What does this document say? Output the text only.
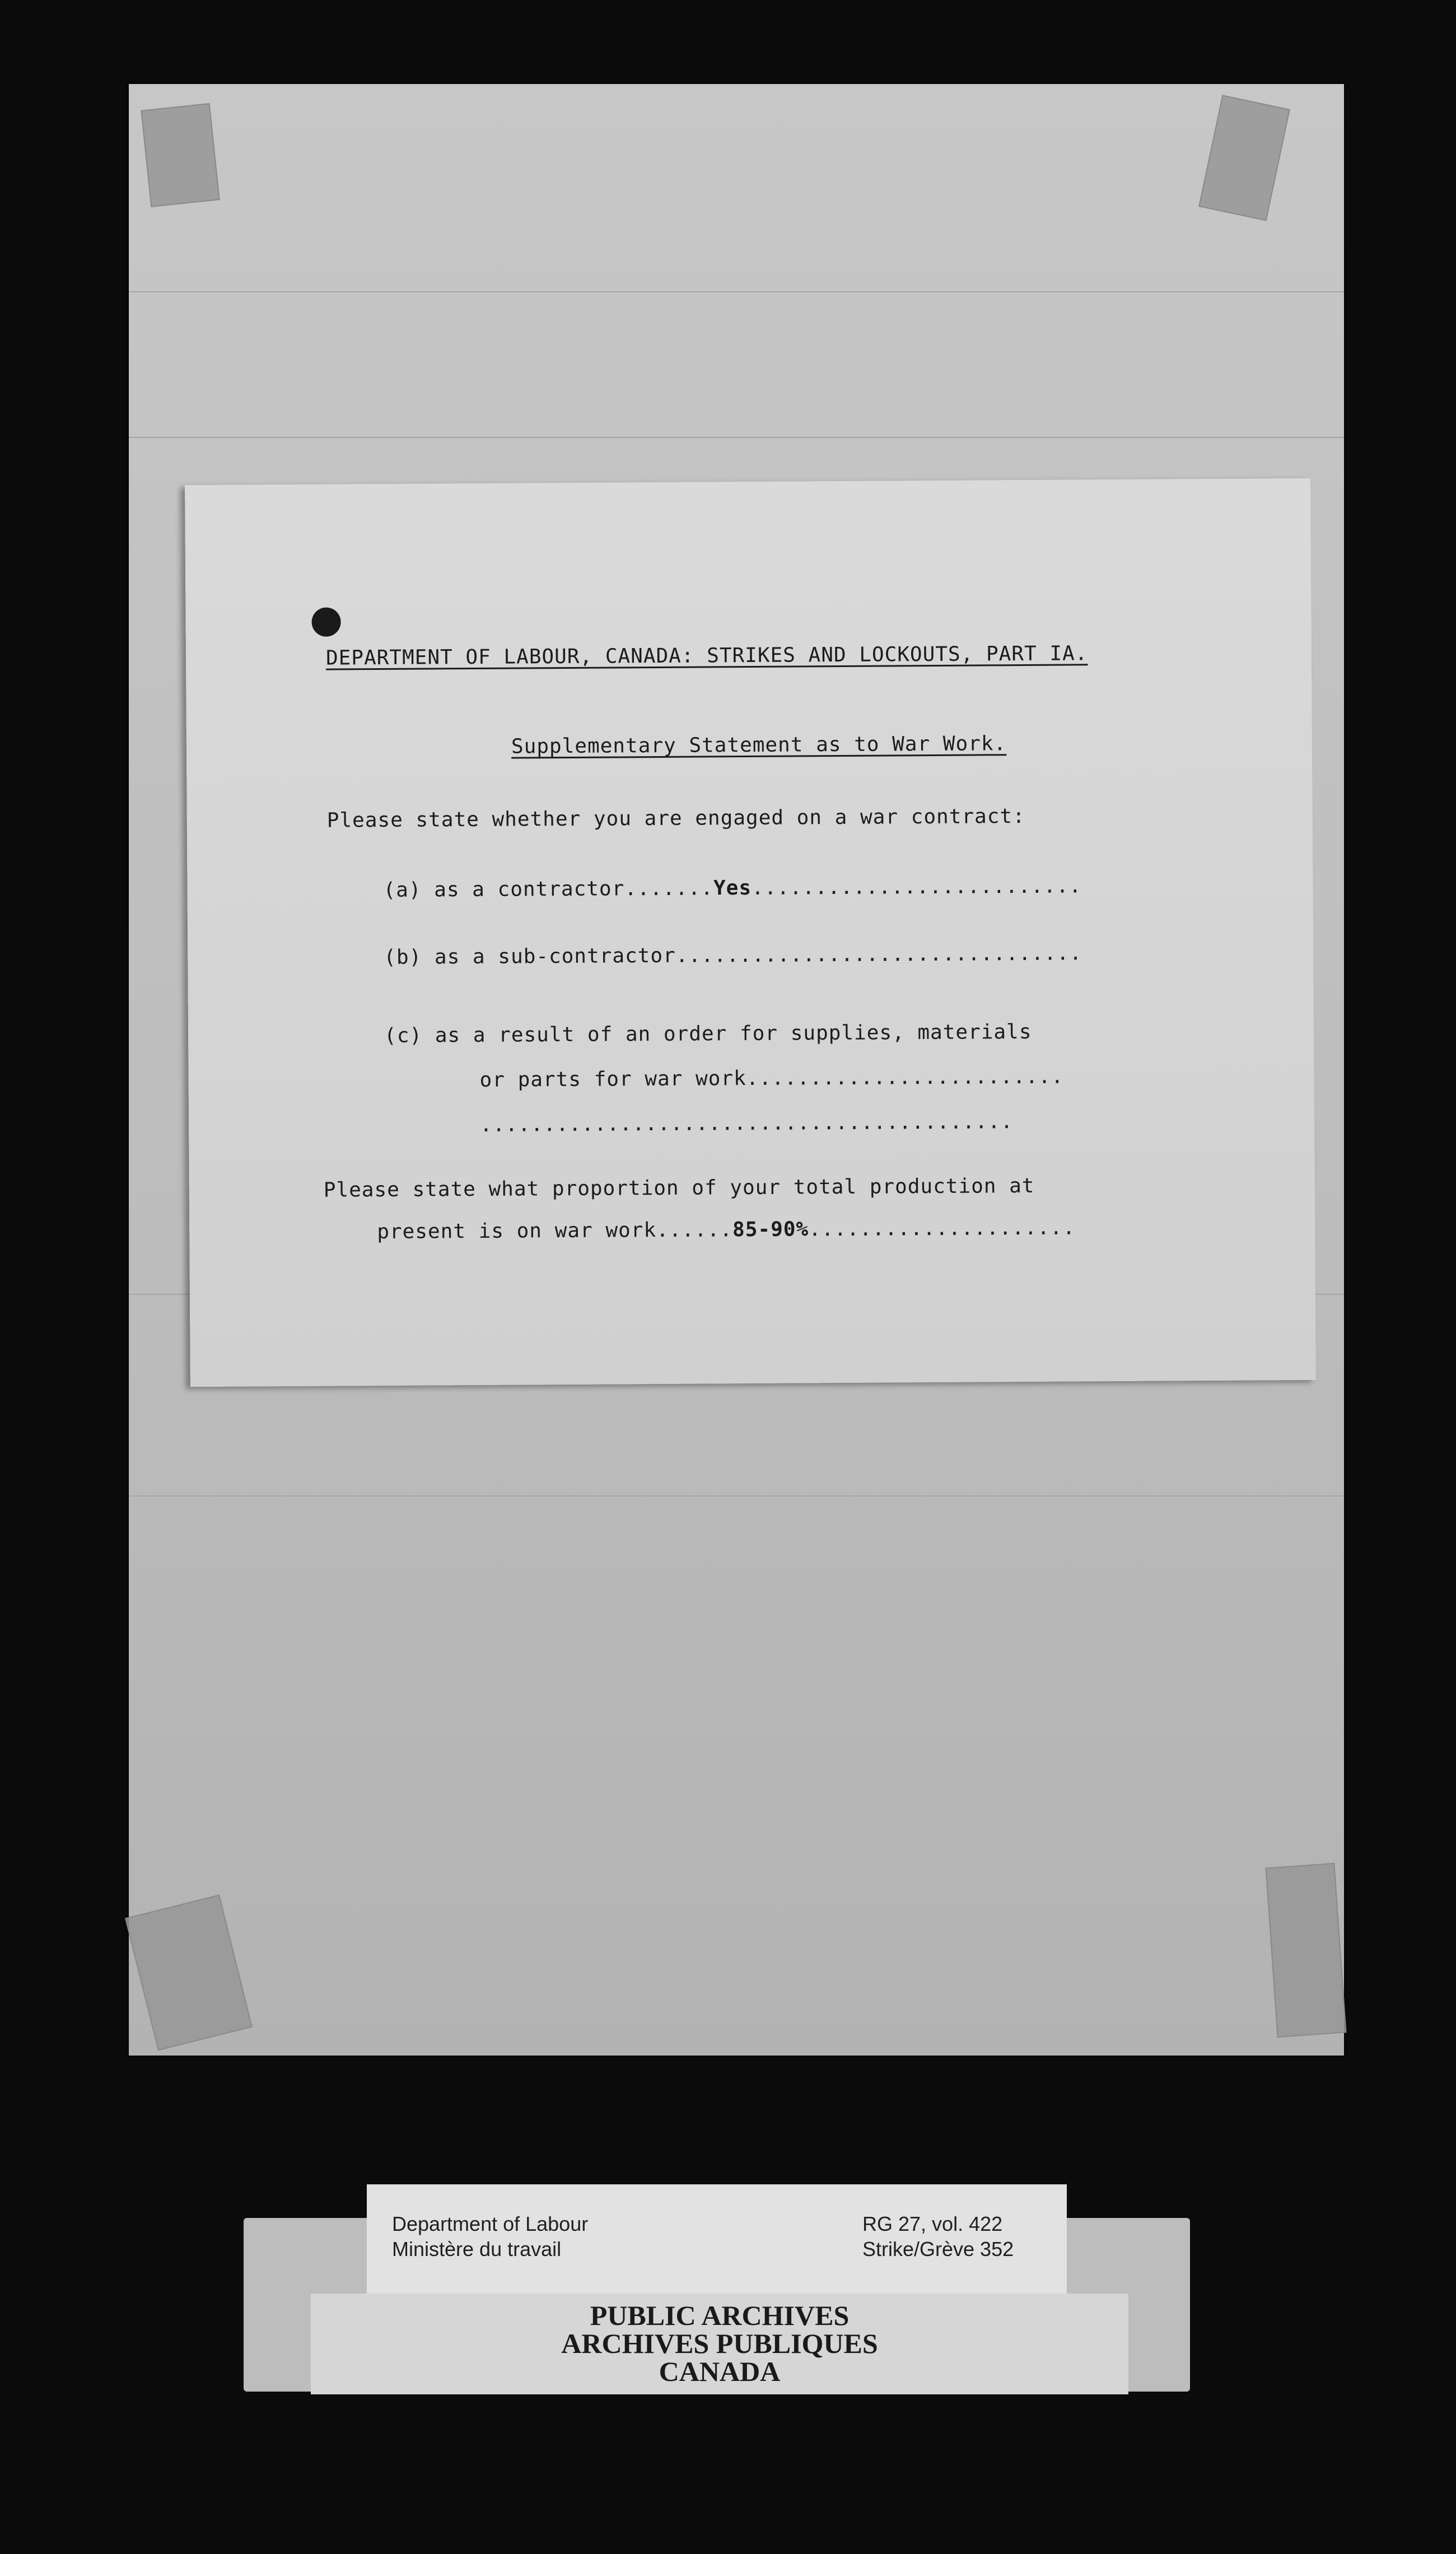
DEPARTMENT OF LABOUR, CANADA: STRIKES AND LOCKOUTS, PART IA.
Supplementary Statement as to War Work.
Please state whether you are engaged on a war contract:
(a) as a contractor.......Yes..........................
(b) as a sub-contractor................................
(c) as a result of an order for supplies, materials
or parts for war work.........................
..........................................
Please state what proportion of your total production at
present is on war work......85-90%.....................
Department of Labour
Ministère du travail
RG 27, vol. 422
Strike/Grève 352
PUBLIC ARCHIVES
ARCHIVES PUBLIQUES
CANADA
